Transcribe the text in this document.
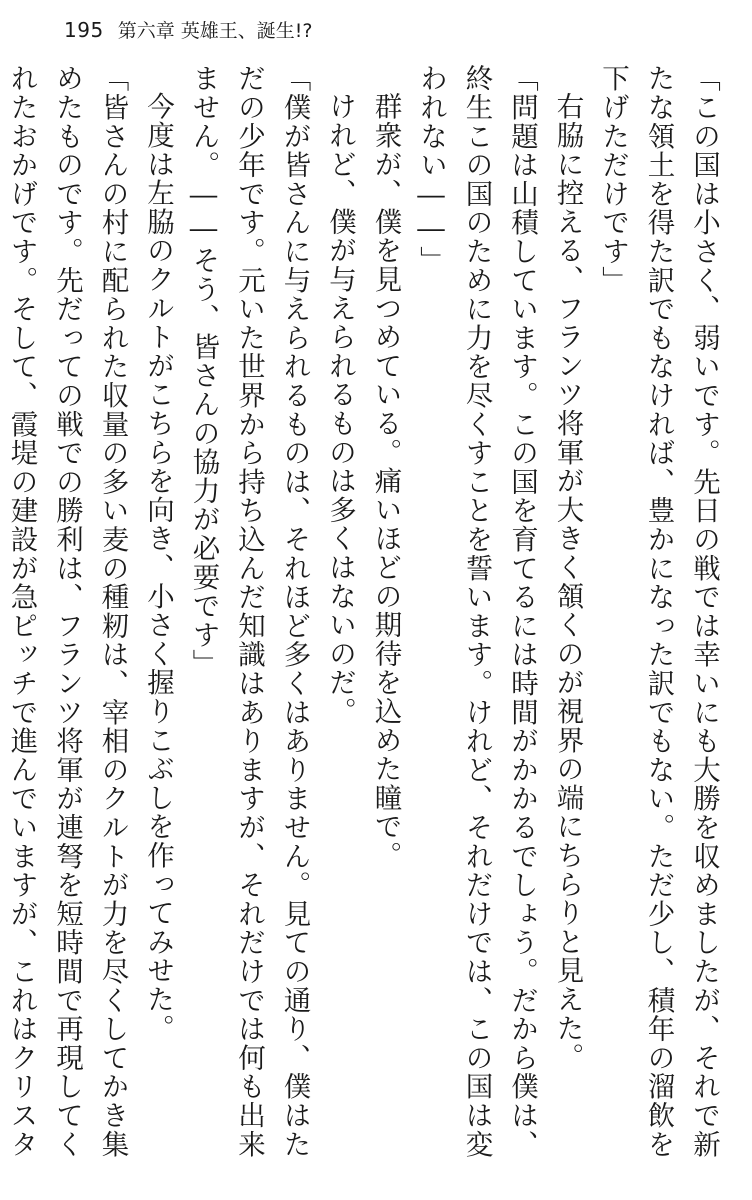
195 第六章 英雄王、誕生!?

「この国は小さく、弱いです。先日の戦では幸いにも大勝を収めましたが、それで新たな領土を得た訳でもなければ、豊かになった訳でもない。ただ少し、積年の溜飲を下げただけです」

右脇に控える、フランツ将軍が大きく頷くのが視界の端にちらりと見えた。

「問題は山積しています。この国を育てるには時間がかかるでしょう。だから僕は、終生この国のために力を尽くすことを誓います。けれど、それだけでは、この国は変われない――」

群衆が、僕を見つめている。痛いほどの期待を込めた瞳で。

けれど、僕が与えられるものは多くはないのだ。

「僕が皆さんに与えられるものは、それほど多くはありません。見ての通り、僕はただの少年です。元いた世界から持ち込んだ知識はありますが、それだけでは何も出来ません。――そう、皆さんの協力が必要です」

今度は左脇のクルトがこちらを向き、小さく握りこぶしを作ってみせた。

「皆さんの村に配られた収量の多い麦の種籾は、宰相のクルトが力を尽くしてかき集めたものです。先だっての戦での勝利は、フランツ将軍が連弩を短時間で再現してくれたおかげです。そして、霞堤の建設が急ピッチで進んでいますが、これはクリスタ
